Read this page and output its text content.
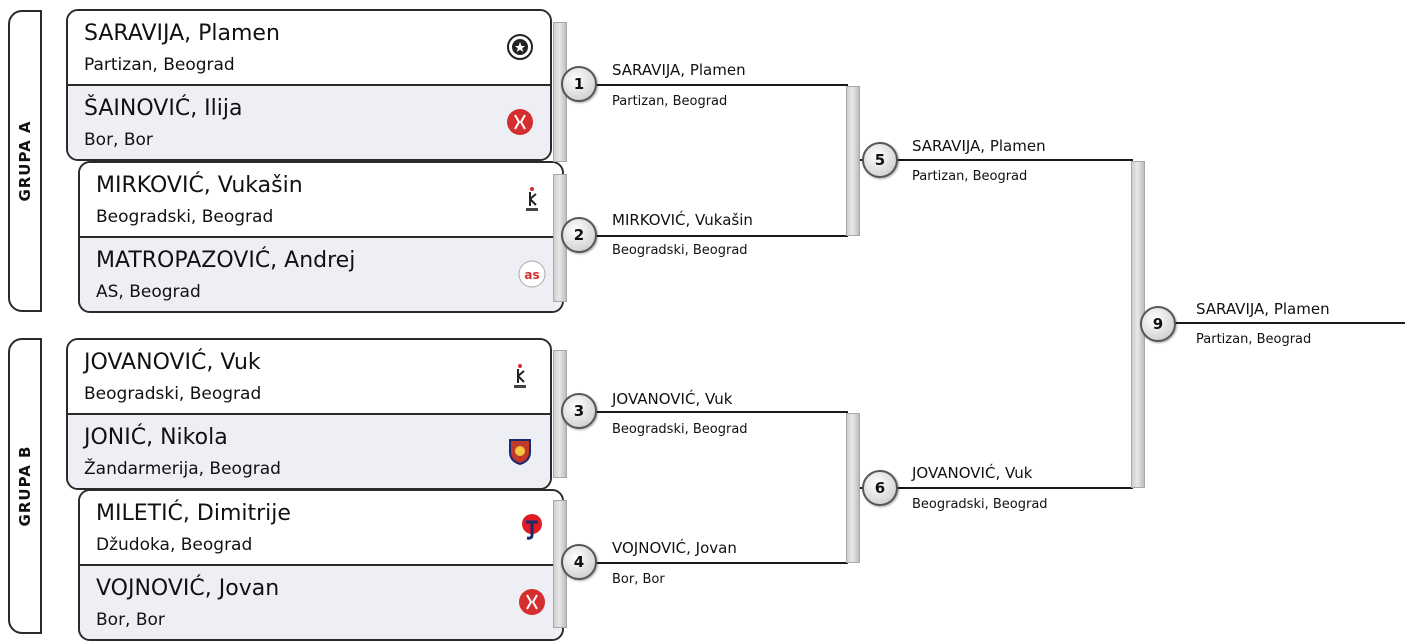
GRUPA A
GRUPA B
SARAVIJA, Plamen
Partizan, Beograd
ŠAINOVIĆ, Ilija
Bor, Bor
MIRKOVIĆ, Vukašin
Beogradski, Beograd
MATROPAZOVIĆ, Andrej
AS, Beograd
as
JOVANOVIĆ, Vuk
Beogradski, Beograd
JONIĆ, Nikola
Žandarmerija, Beograd
MILETIĆ, Dimitrije
Džudoka, Beograd
VOJNOVIĆ, Jovan
Bor, Bor
1
2
3
4
5
6
9
SARAVIJA, Plamen
Partizan, Beograd
MIRKOVIĆ, Vukašin
Beogradski, Beograd
JOVANOVIĆ, Vuk
Beogradski, Beograd
VOJNOVIĆ, Jovan
Bor, Bor
SARAVIJA, Plamen
Partizan, Beograd
JOVANOVIĆ, Vuk
Beogradski, Beograd
SARAVIJA, Plamen
Partizan, Beograd
